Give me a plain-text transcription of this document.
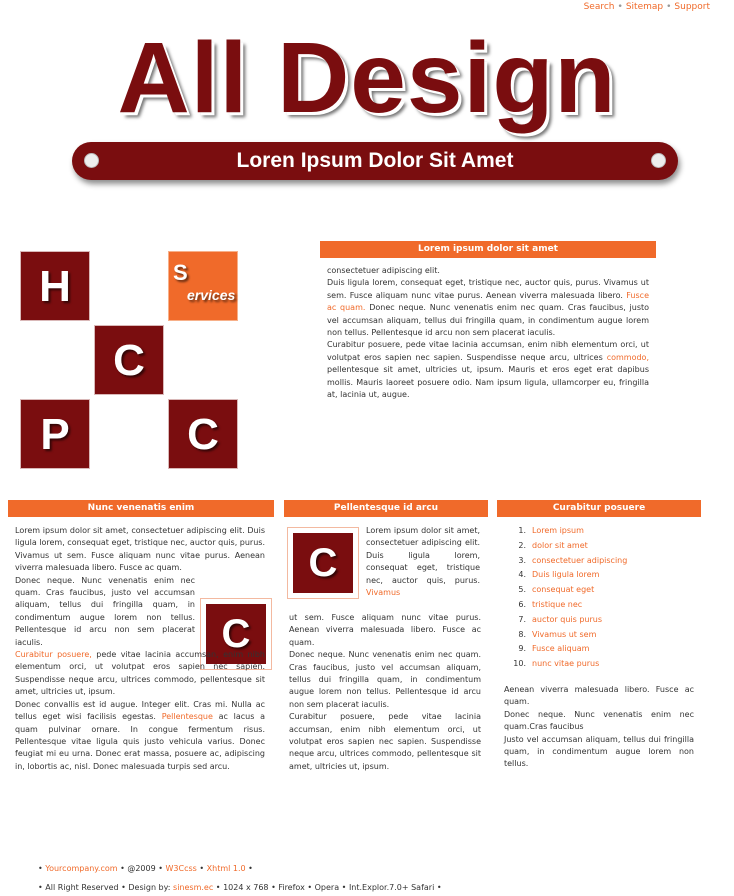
Search • Sitemap • Support
All Design
Loren Ipsum Dolor Sit Amet
H	S
ervices
C
P	C
Lorem ipsum dolor sit amet

consectetuer adipiscing elit.

Duis ligula lorem, consequat eget, tristique nec, auctor quis, purus. Vivamus ut sem. Fusce aliquam nunc vitae purus. Aenean viverra malesuada libero. Fusce ac quam. Donec neque. Nunc venenatis enim nec quam. Cras faucibus, justo vel accumsan aliquam, tellus dui fringilla quam, in condimentum augue lorem non tellus. Pellentesque id arcu non sem placerat iaculis.

Curabitur posuere, pede vitae lacinia accumsan, enim nibh elementum orci, ut volutpat eros sapien nec sapien. Suspendisse neque arcu, ultrices commodo, pellentesque sit amet, ultricies ut, ipsum. Mauris et eros eget erat dapibus mollis. Mauris laoreet posuere odio. Nam ipsum ligula, ullamcorper eu, fringilla at, lacinia ut, augue.

Nunc venenatis enim
C

Lorem ipsum dolor sit amet, consectetuer adipiscing elit. Duis ligula lorem, consequat eget, tristique nec, auctor quis, purus. Vivamus ut sem. Fusce aliquam nunc vitae purus. Aenean viverra malesuada libero. Fusce ac quam.

Donec neque. Nunc venenatis enim nec quam. Cras faucibus, justo vel accumsan aliquam, tellus dui fringilla quam, in condimentum augue lorem non tellus. Pellentesque id arcu non sem placerat iaculis.

Curabitur posuere, pede vitae lacinia accumsan, enim nibh elementum orci, ut volutpat eros sapien nec sapien. Suspendisse neque arcu, ultrices commodo, pellentesque sit amet, ultricies ut, ipsum.

Donec convallis est id augue. Integer elit. Cras mi. Nulla ac tellus eget wisi facilisis egestas. Pellentesque ac lacus a quam pulvinar ornare. In congue fermentum risus. Pellentesque vitae ligula quis justo vehicula varius. Donec feugiat mi eu urna. Donec erat massa, posuere ac, adipiscing in, lobortis ac, nisl. Donec malesuada turpis sed arcu.

Pellentesque id arcu
C

Lorem ipsum dolor sit amet, consectetuer adipiscing elit. Duis ligula lorem, consequat eget, tristique nec, auctor quis, purus. Vivamus

ut sem. Fusce aliquam nunc vitae purus. Aenean viverra malesuada libero. Fusce ac quam.

Donec neque. Nunc venenatis enim nec quam. Cras faucibus, justo vel accumsan aliquam, tellus dui fringilla quam, in condimentum augue lorem non tellus. Pellentesque id arcu non sem placerat iaculis.

Curabitur posuere, pede vitae lacinia accumsan, enim nibh elementum orci, ut volutpat eros sapien nec sapien. Suspendisse neque arcu, ultrices commodo, pellentesque sit amet, ultricies ut, ipsum.

Curabitur posuere
1. Lorem ipsum
2. dolor sit amet
3. consectetuer adipiscing
4. Duis ligula lorem
5. consequat eget
6. tristique nec
7. auctor quis purus
8. Vivamus ut sem
9. Fusce aliquam
10. nunc vitae purus

Aenean viverra malesuada libero. Fusce ac quam.

Donec neque. Nunc venenatis enim nec quam.Cras faucibus

Justo vel accumsan aliquam, tellus dui fringilla quam, in condimentum augue lorem non tellus.

• Yourcompany.com • @2009 • W3Ccss • Xhtml 1.0 •
• All Right Reserved • Design by: sinesm.ec • 1024 x 768 • Firefox • Opera • Int.Explor.7.0+ Safari •
